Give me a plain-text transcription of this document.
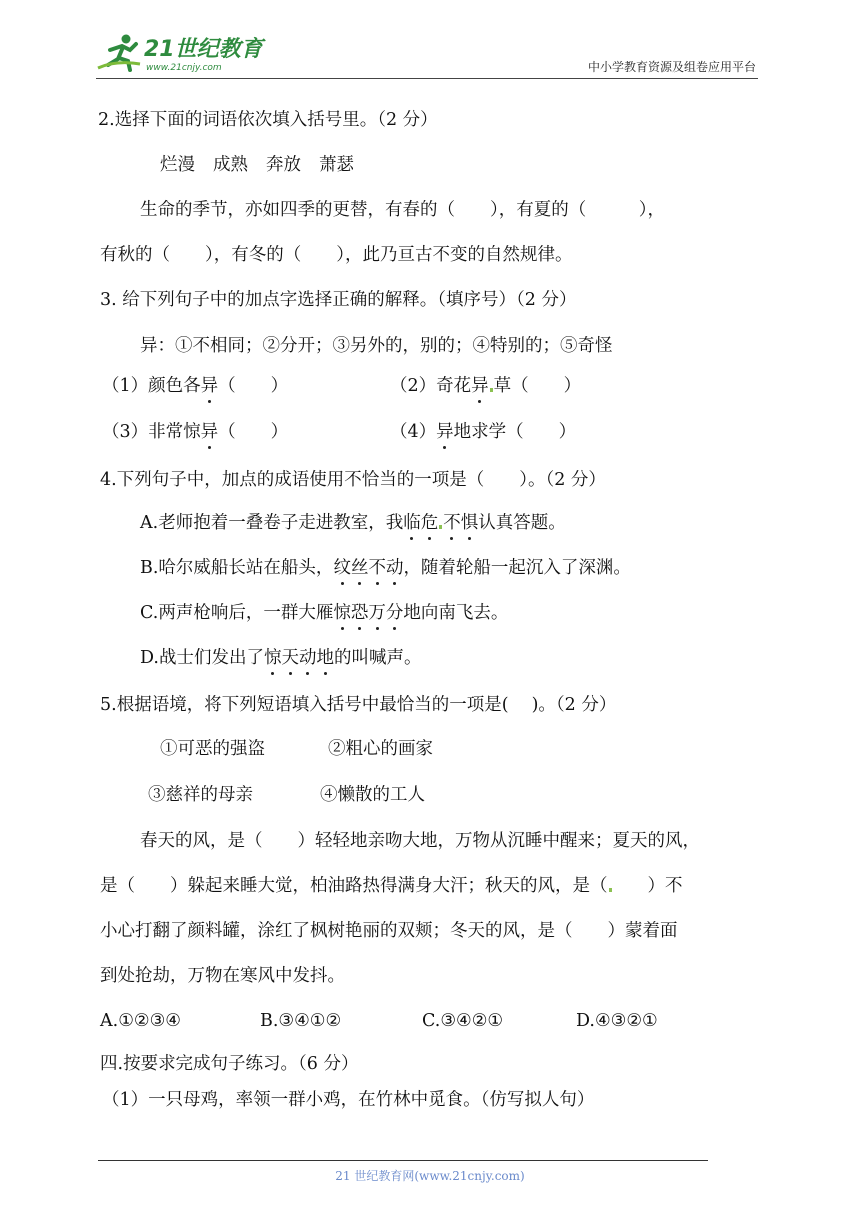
21世纪教育
www.21cnjy.com	中小学教育资源及组卷应用平台
2.选择下面的词语依次填入括号里。（2 分）
烂漫 成熟 奔放 萧瑟
生命的季节，亦如四季的更替，有春的（　　），有夏的（　　　），
有秋的（　　），有冬的（　　），此乃亘古不变的自然规律。
3. 给下列句子中的加点字选择正确的解释。（填序号）（2 分）
异：①不相同；②分开；③另外的，别的；④特别的；⑤奇怪
（1）颜色各异（　　）	（2）奇花异 草（　　）
（3）非常惊异（　　）	（4）异地求学（　　）
4.下列句子中，加点的成语使用不恰当的一项是（　　）。（2 分）
A.老师抱着一叠卷子走进教室，我临危 不惧认真答题。
B.哈尔威船长站在船头，纹丝不动，随着轮船一起沉入了深渊。
C.两声枪响后，一群大雁惊恐万分地向南飞去。
D.战士们发出了惊天动地的叫喊声。
5.根据语境，将下列短语填入括号中最恰当的一项是(　 )。（2 分）
①可恶的强盗	②粗心的画家
③慈祥的母亲	④懒散的工人
春天的风，是（　　）轻轻地亲吻大地，万物从沉睡中醒来；夏天的风，
是（　　）躲起来睡大觉，柏油路热得满身大汗；秋天的风，是（　　）不
小心打翻了颜料罐，涂红了枫树艳丽的双颊；冬天的风，是（　　）蒙着面
到处抢劫，万物在寒风中发抖。
A.①②③④	B.③④①②	C.③④②①	D.④③②①
四.按要求完成句子练习。（6 分）
（1）一只母鸡，率领一群小鸡，在竹林中觅食。（仿写拟人句）
21 世纪教育网(www.21cnjy.com)
